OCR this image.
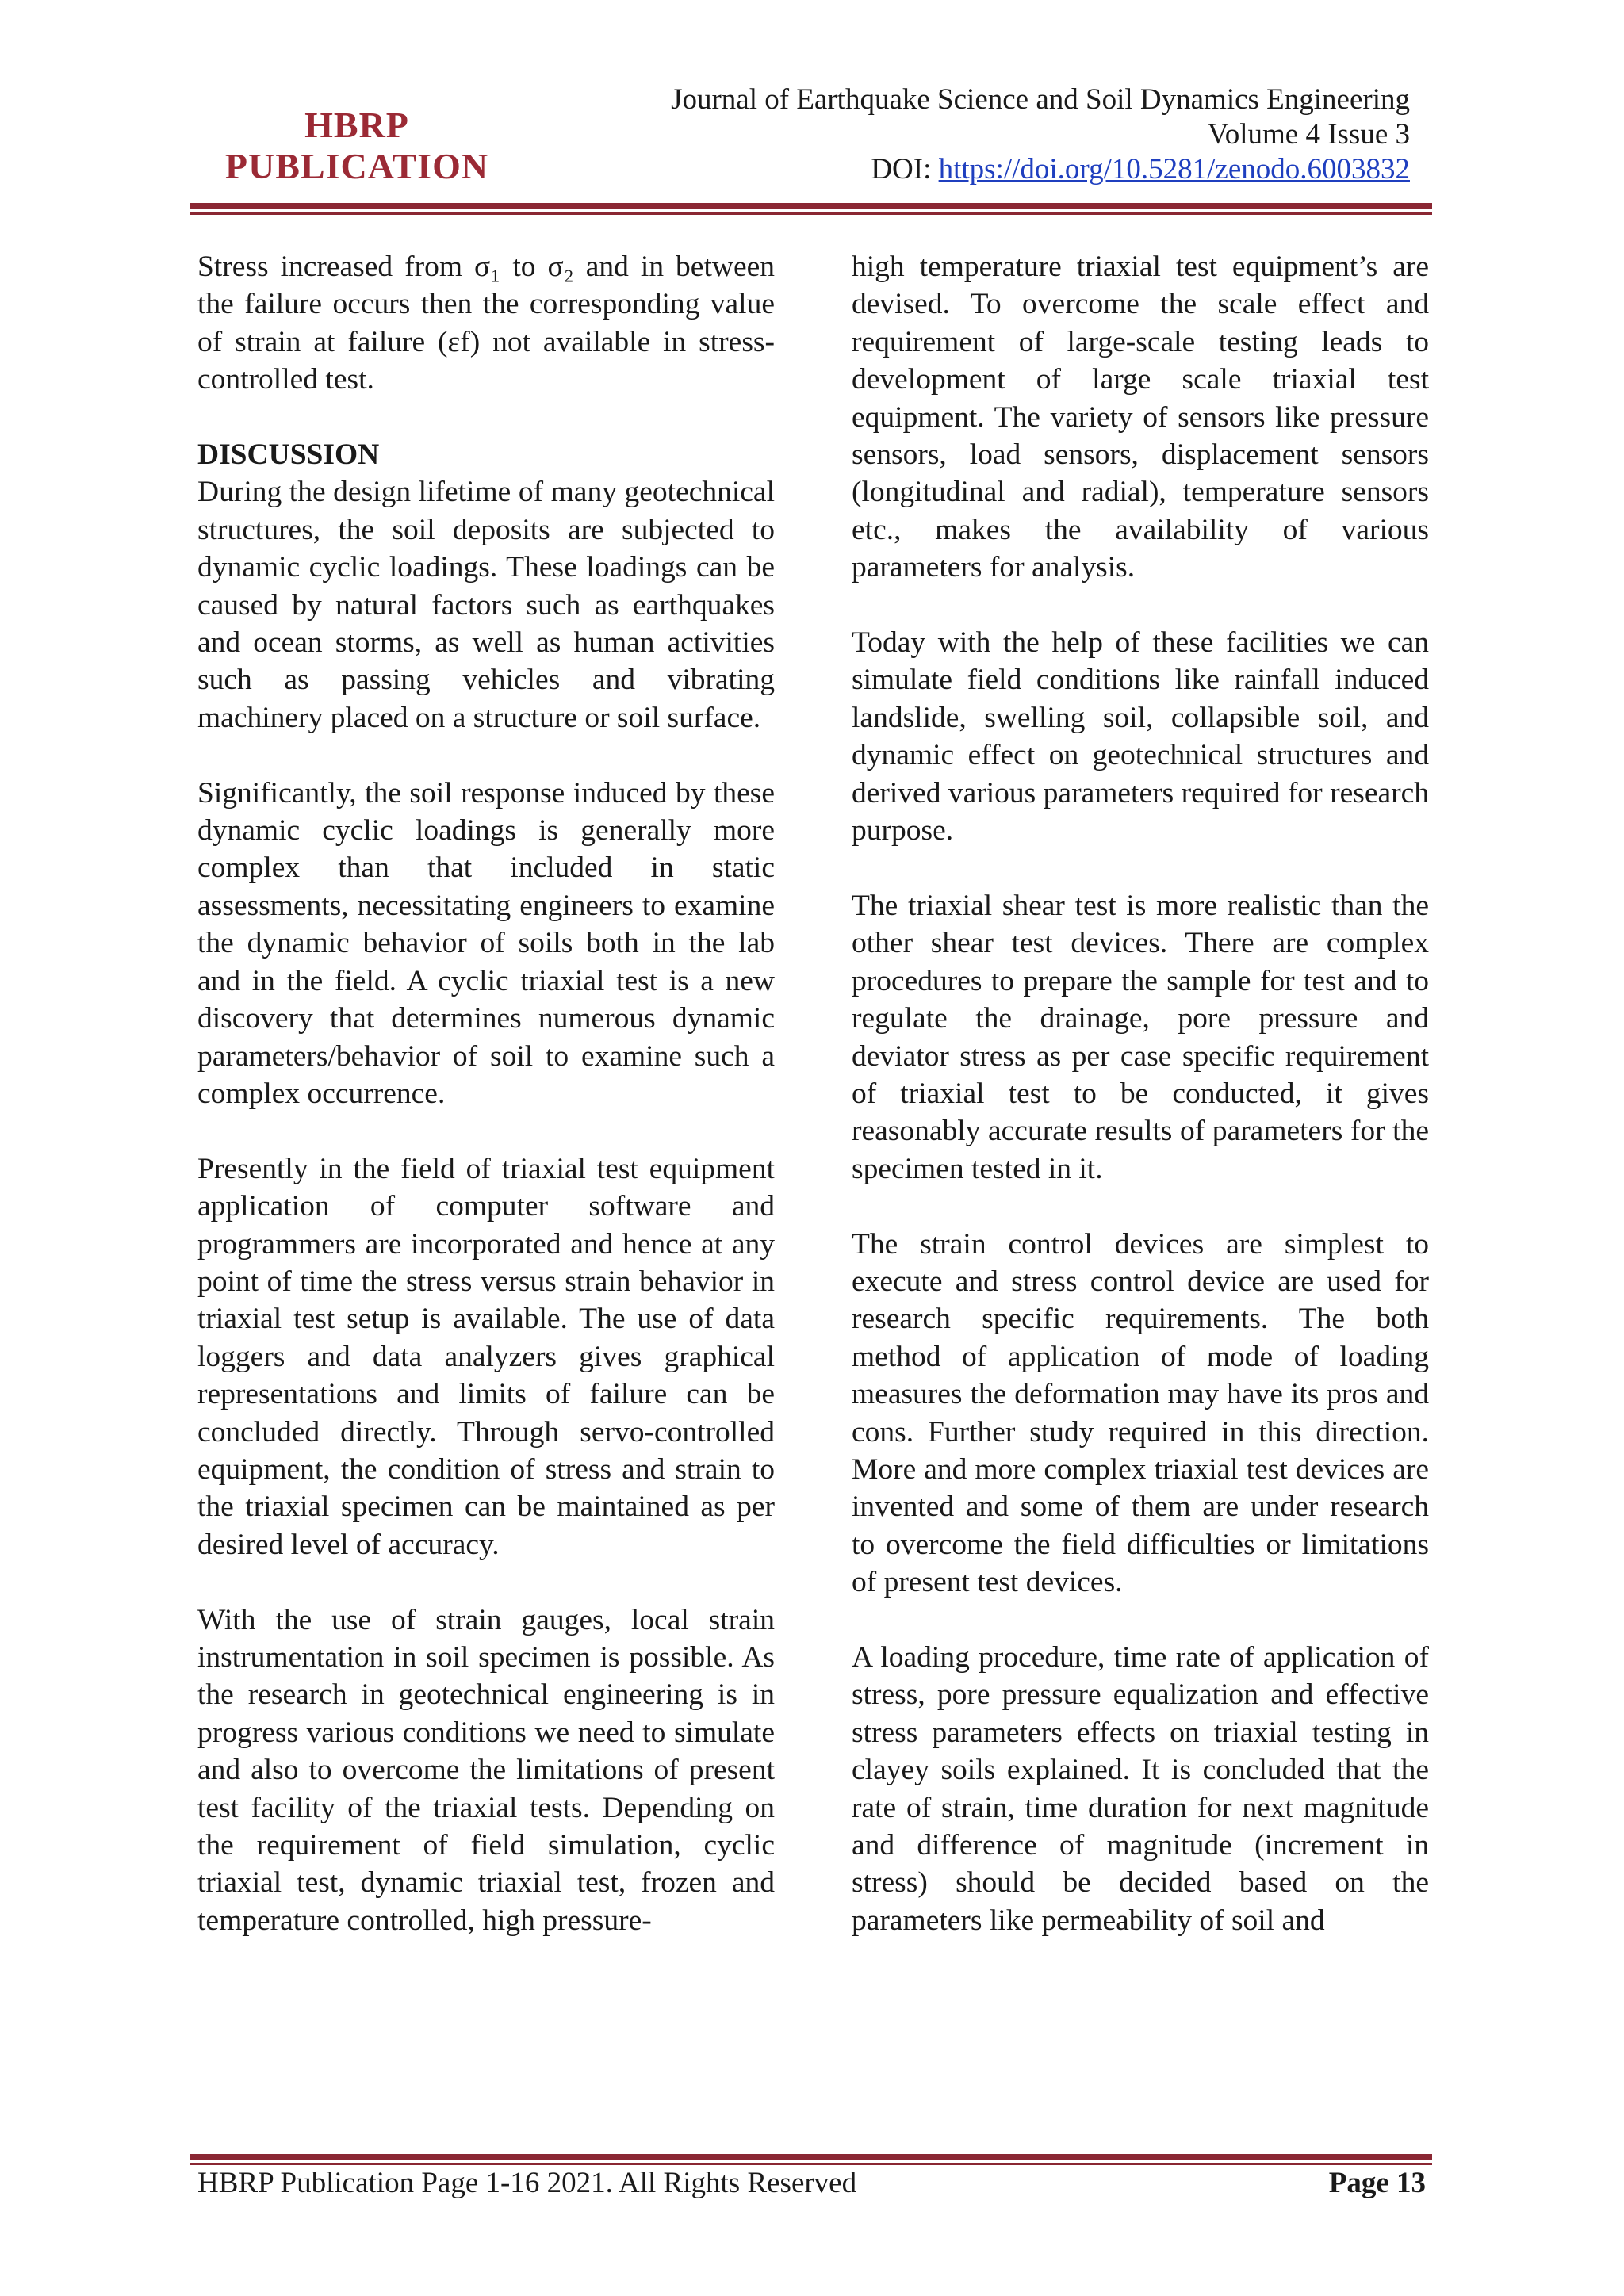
HBRP
PUBLICATION
Journal of Earthquake Science and Soil Dynamics Engineering
Volume 4 Issue 3
DOI: https://doi.org/10.5281/zenodo.6003832

Stress increased from σ₁ to σ₂ and in between the failure occurs then the corresponding value of strain at failure (εf) not available in stress-controlled test.

DISCUSSION

During the design lifetime of many geotechnical structures, the soil deposits are subjected to dynamic cyclic loadings. These loadings can be caused by natural factors such as earthquakes and ocean storms, as well as human activities such as passing vehicles and vibrating machinery placed on a structure or soil surface.

Significantly, the soil response induced by these dynamic cyclic loadings is generally more complex than that included in static assessments, necessitating engineers to examine the dynamic behavior of soils both in the lab and in the field. A cyclic triaxial test is a new discovery that determines numerous dynamic parameters/behavior of soil to examine such a complex occurrence.

Presently in the field of triaxial test equipment application of computer software and programmers are incorporated and hence at any point of time the stress versus strain behavior in triaxial test setup is available. The use of data loggers and data analyzers gives graphical representations and limits of failure can be concluded directly. Through servo-controlled equipment, the condition of stress and strain to the triaxial specimen can be maintained as per desired level of accuracy.

With the use of strain gauges, local strain instrumentation in soil specimen is possible. As the research in geotechnical engineering is in progress various conditions we need to simulate and also to overcome the limitations of present test facility of the triaxial tests. Depending on the requirement of field simulation, cyclic triaxial test, dynamic triaxial test, frozen and temperature controlled, high pressure-

high temperature triaxial test equipment’s are devised. To overcome the scale effect and requirement of large-scale testing leads to development of large scale triaxial test equipment. The variety of sensors like pressure sensors, load sensors, displacement sensors (longitudinal and radial), temperature sensors etc., makes the availability of various parameters for analysis.

Today with the help of these facilities we can simulate field conditions like rainfall induced landslide, swelling soil, collapsible soil, and dynamic effect on geotechnical structures and derived various parameters required for research purpose.

The triaxial shear test is more realistic than the other shear test devices. There are complex procedures to prepare the sample for test and to regulate the drainage, pore pressure and deviator stress as per case specific requirement of triaxial test to be conducted, it gives reasonably accurate results of parameters for the specimen tested in it.

The strain control devices are simplest to execute and stress control device are used for research specific requirements. The both method of application of mode of loading measures the deformation may have its pros and cons. Further study required in this direction. More and more complex triaxial test devices are invented and some of them are under research to overcome the field difficulties or limitations of present test devices.

A loading procedure, time rate of application of stress, pore pressure equalization and effective stress parameters effects on triaxial testing in clayey soils explained. It is concluded that the rate of strain, time duration for next magnitude and difference of magnitude (increment in stress) should be decided based on the parameters like permeability of soil and

HBRP Publication Page 1-16 2021. All Rights Reserved	Page 13
